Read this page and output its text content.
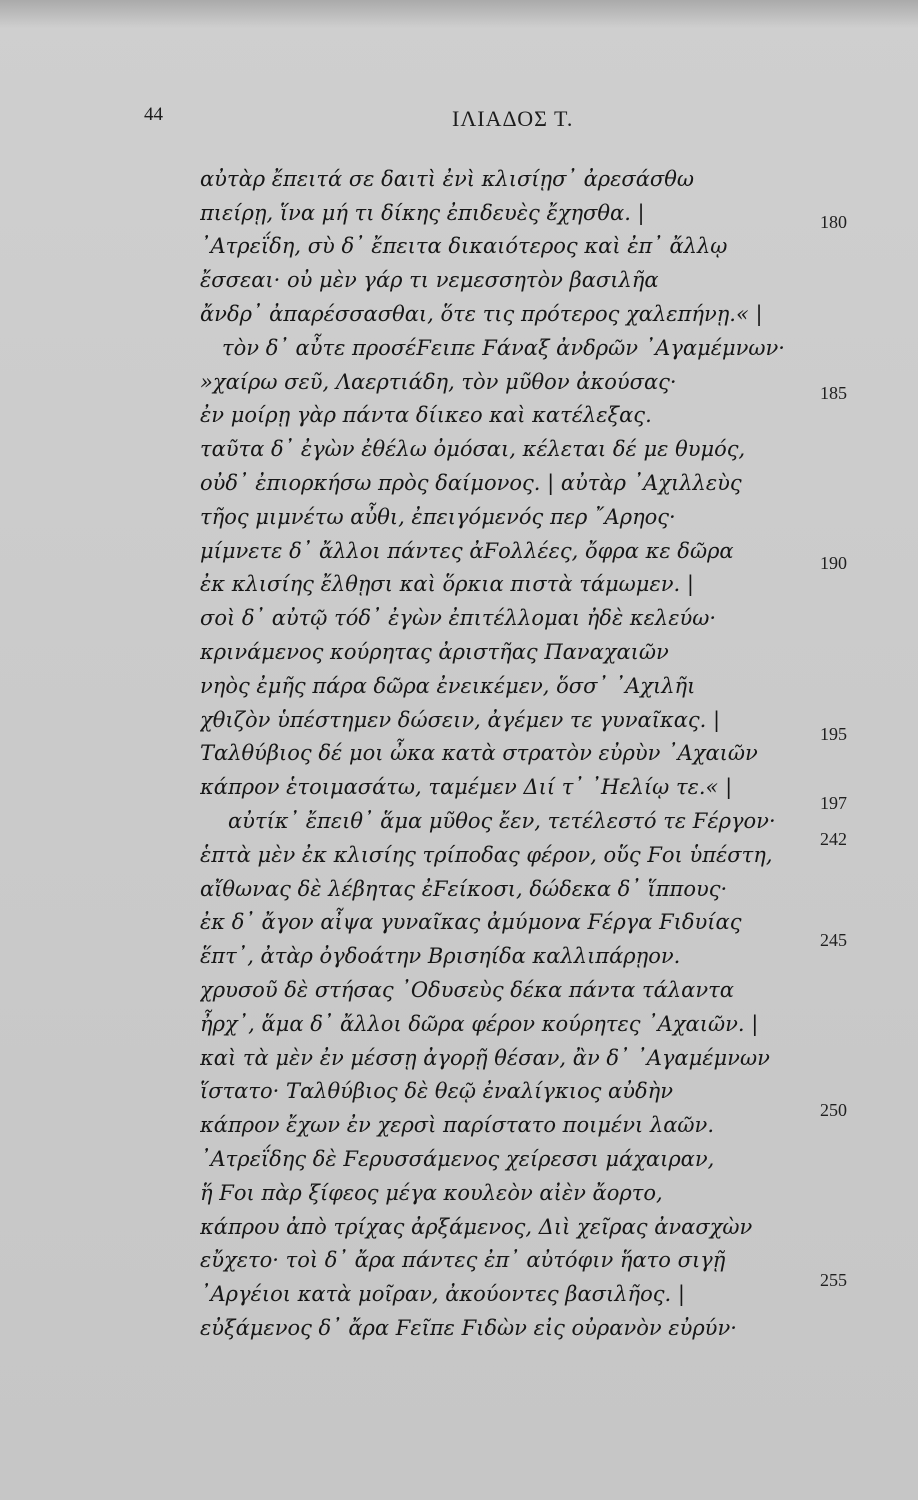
44	ΙΛΙΑΔΟΣ Τ.
αὐτὰρ ἔπειτά σε δαιτὶ ἐνὶ κλισίῃσ᾽ ἀρεσάσθω
πιείρῃ, ἵνα μή τι δίκης ἐπιδευὲς ἔχησθα. |
᾽Ατρεΐδη, σὺ δ᾽ ἔπειτα δικαιότερος καὶ ἐπ᾽ ἄλλῳ
ἔσσεαι· οὐ μὲν γάρ τι νεμεσσητὸν βασιλῆα
ἄνδρ᾽ ἀπαρέσσασθαι, ὅτε τις πρότερος χαλεπήνῃ.« |
τὸν δ᾽ αὖτε προσέϜειπε Ϝάναξ ἀνδρῶν ᾽Αγαμέμνων·
»χαίρω σεῦ, Λαερτιάδη, τὸν μῦθον ἀκούσας·
ἐν μοίρῃ γὰρ πάντα δίικεο καὶ κατέλεξας.
ταῦτα δ᾽ ἐγὼν ἐθέλω ὀμόσαι, κέλεται δέ με θυμός,
οὐδ᾽ ἐπιορκήσω πρὸς δαίμονος. | αὐτὰρ ᾽Αχιλλεὺς
τῆος μιμνέτω αὖθι, ἐπειγόμενός περ ῎Αρηος·
μίμνετε δ᾽ ἄλλοι πάντες ἀϜολλέες, ὄφρα κε δῶρα
ἐκ κλισίης ἔλθῃσι καὶ ὅρκια πιστὰ τάμωμεν. |
σοὶ δ᾽ αὐτῷ τόδ᾽ ἐγὼν ἐπιτέλλομαι ἠδὲ κελεύω·
κρινάμενος κούρητας ἀριστῆας Παναχαιῶν
νηὸς ἐμῆς πάρα δῶρα ἐνεικέμεν, ὅσσ᾽ ᾽Αχιλῆι
χθιζὸν ὑπέστημεν δώσειν, ἀγέμεν τε γυναῖκας. |
Ταλθύβιος δέ μοι ὦκα κατὰ στρατὸν εὐρὺν ᾽Αχαιῶν
κάπρον ἑτοιμασάτω, ταμέμεν Διί τ᾽ ᾽Ηελίῳ τε.« |
αὐτίκ᾽ ἔπειθ᾽ ἅμα μῦθος ἔεν, τετέλεστό τε Ϝέργον·
ἑπτὰ μὲν ἐκ κλισίης τρίποδας φέρον, οὕς Ϝοι ὑπέστη,
αἴθωνας δὲ λέβητας ἐϜείκοσι, δώδεκα δ᾽ ἵππους·
ἐκ δ᾽ ἄγον αἶψα γυναῖκας ἀμύμονα Ϝέργα Ϝιδυίας
ἕπτ᾽, ἀτὰρ ὀγδοάτην Βρισηίδα καλλιπάρῃον.
χρυσοῦ δὲ στήσας ᾽Οδυσεὺς δέκα πάντα τάλαντα
ἦρχ᾽, ἅμα δ᾽ ἄλλοι δῶρα φέρον κούρητες ᾽Αχαιῶν. |
καὶ τὰ μὲν ἐν μέσσῃ ἀγορῇ θέσαν, ἂν δ᾽ ᾽Αγαμέμνων
ἵστατο· Ταλθύβιος δὲ θεῷ ἐναλίγκιος αὐδὴν
κάπρον ἔχων ἐν χερσὶ παρίστατο ποιμένι λαῶν.
᾽Ατρεΐδης δὲ Ϝερυσσάμενος χείρεσσι μάχαιραν,
ἥ Ϝοι πὰρ ξίφεος μέγα κουλεὸν αἰὲν ἄορτο,
κάπρου ἀπὸ τρίχας ἀρξάμενος, Διὶ χεῖρας ἀνασχὼν
εὔχετο· τοὶ δ᾽ ἄρα πάντες ἐπ᾽ αὐτόφιν ἥατο σιγῇ
᾽Αργέιοι κατὰ μοῖραν, ἀκούοντες βασιλῆος. |
εὐξάμενος δ᾽ ἄρα Ϝεῖπε Ϝιδὼν εἰς οὐρανὸν εὐρύν·
180
185
190
195
197
242
245
250
255
